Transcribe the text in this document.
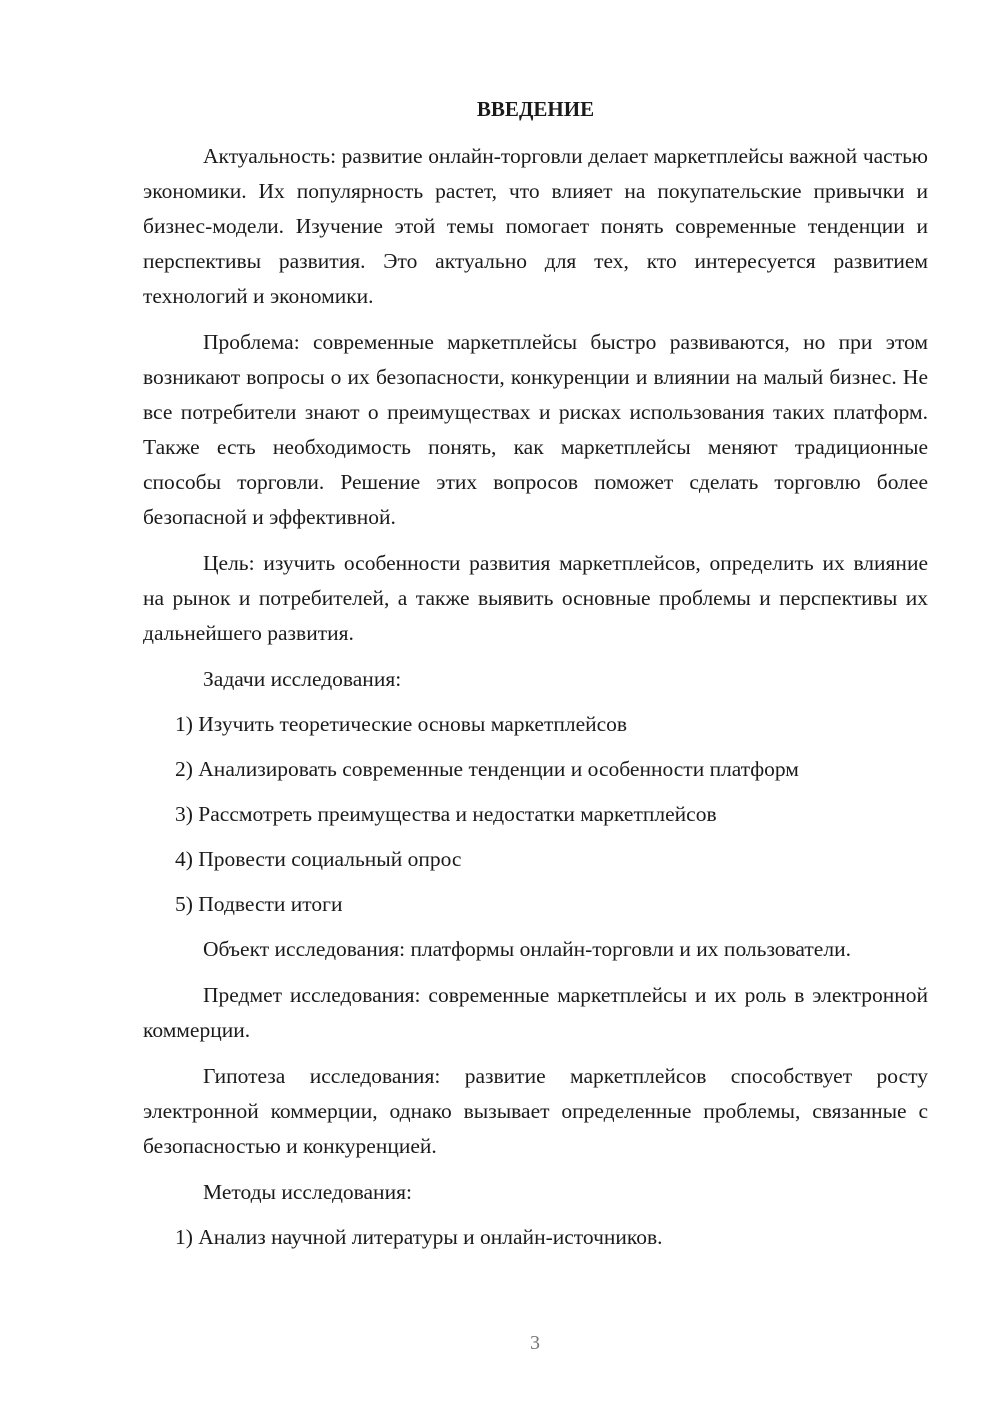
ВВЕДЕНИЕ

Актуальность: развитие онлайн-торговли делает маркетплейсы важной частью экономики. Их популярность растет, что влияет на покупательские привычки и бизнес-модели. Изучение этой темы помогает понять современные тенденции и перспективы развития. Это актуально для тех, кто интересуется развитием технологий и экономики.

Проблема: современные маркетплейсы быстро развиваются, но при этом возникают вопросы о их безопасности, конкуренции и влиянии на малый бизнес. Не все потребители знают о преимуществах и рисках использования таких платформ. Также есть необходимость понять, как маркетплейсы меняют традиционные способы торговли. Решение этих вопросов поможет сделать торговлю более безопасной и эффективной.

Цель: изучить особенности развития маркетплейсов, определить их влияние на рынок и потребителей, а также выявить основные проблемы и перспективы их дальнейшего развития.

Задачи исследования:
1) Изучить теоретические основы маркетплейсов
2) Анализировать современные тенденции и особенности платформ
3) Рассмотреть преимущества и недостатки маркетплейсов
4) Провести социальный опрос
5) Подвести итоги

Объект исследования: платформы онлайн-торговли и их пользователи.

Предмет исследования: современные маркетплейсы и их роль в электронной коммерции.

Гипотеза исследования: развитие маркетплейсов способствует росту электронной коммерции, однако вызывает определенные проблемы, связанные с безопасностью и конкуренцией.

Методы исследования:
1) Анализ научной литературы и онлайн-источников.
3
